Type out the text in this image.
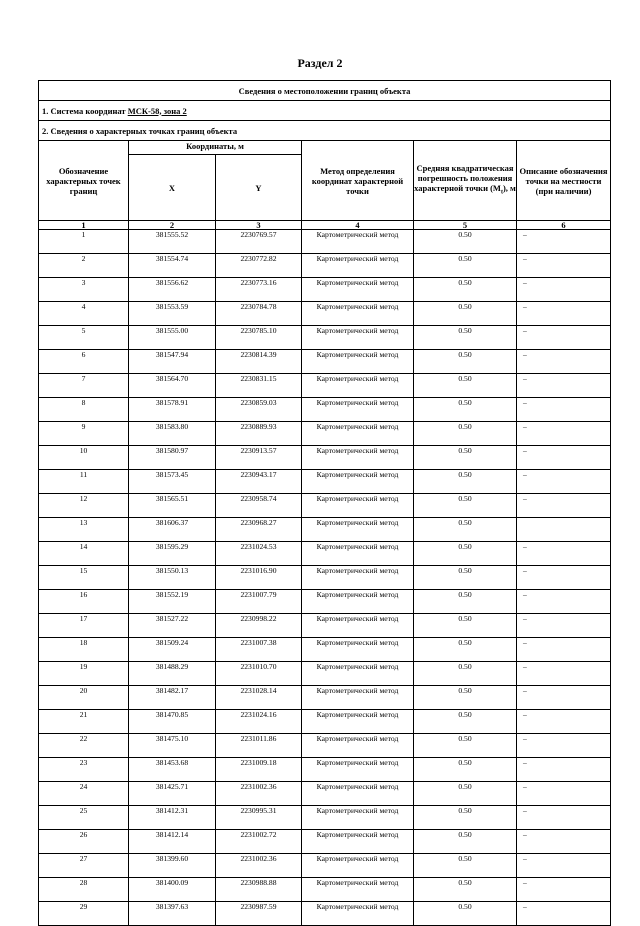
Раздел 2
Сведения о местоположении границ объекта					
1. Система координат МСК-58, зона 2					
2. Сведения о характерных точках границ объекта					
Обозначение характерных точек границ	Координаты, м		Метод определения координат характерной точки	Средняя квадратическая погрешность положения характерной точки $(M_t)$, м	Описание обозначения точки на местности (при наличии)
	X	Y			
1	2	3	4	5	6
1	381555.52	2230769.57	Картометрический метод	0.50	–
2	381554.74	2230772.82	Картометрический метод	0.50	–
3	381556.62	2230773.16	Картометрический метод	0.50	–
4	381553.59	2230784.78	Картометрический метод	0.50	–
5	381555.00	2230785.10	Картометрический метод	0.50	–
6	381547.94	2230814.39	Картометрический метод	0.50	–
7	381564.70	2230831.15	Картометрический метод	0.50	–
8	381578.91	2230859.03	Картометрический метод	0.50	–
9	381583.80	2230889.93	Картометрический метод	0.50	–
10	381580.97	2230913.57	Картометрический метод	0.50	–
11	381573.45	2230943.17	Картометрический метод	0.50	–
12	381565.51	2230958.74	Картометрический метод	0.50	–
13	381606.37	2230968.27	Картометрический метод	0.50	
14	381595.29	2231024.53	Картометрический метод	0.50	–
15	381550.13	2231016.90	Картометрический метод	0.50	–
16	381552.19	2231007.79	Картометрический метод	0.50	–
17	381527.22	2230998.22	Картометрический метод	0.50	–
18	381509.24	2231007.38	Картометрический метод	0.50	–
19	381488.29	2231010.70	Картометрический метод	0.50	–
20	381482.17	2231028.14	Картометрический метод	0.50	–
21	381470.85	2231024.16	Картометрический метод	0.50	–
22	381475.10	2231011.86	Картометрический метод	0.50	–
23	381453.68	2231009.18	Картометрический метод	0.50	–
24	381425.71	2231002.36	Картометрический метод	0.50	–
25	381412.31	2230995.31	Картометрический метод	0.50	–
26	381412.14	2231002.72	Картометрический метод	0.50	–
27	381399.60	2231002.36	Картометрический метод	0.50	–
28	381400.09	2230988.88	Картометрический метод	0.50	–
29	381397.63	2230987.59	Картометрический метод	0.50	–
